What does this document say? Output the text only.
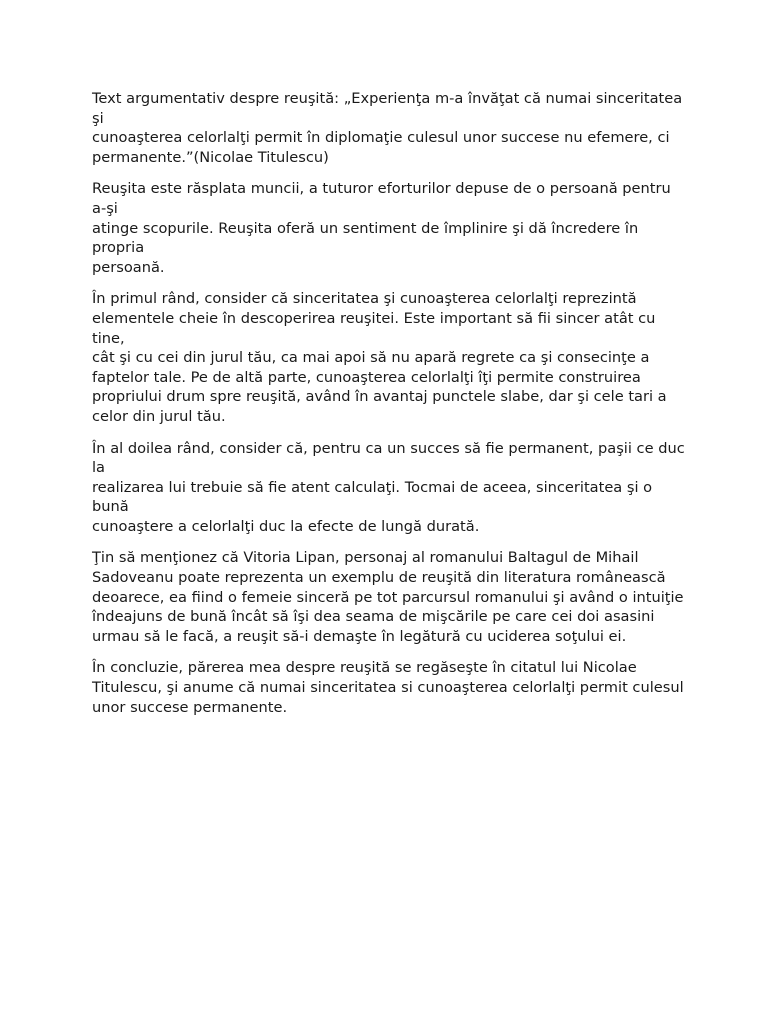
Text argumentativ despre reuşită: „Experienţa m-a învăţat că numai sinceritatea şi
cunoaşterea celorlalţi permit în diplomaţie culesul unor succese nu efemere, ci
permanente.”(Nicolae Titulescu)

Reuşita este răsplata muncii, a tuturor eforturilor depuse de o persoană pentru a-şi
atinge scopurile. Reuşita oferă un sentiment de împlinire şi dă încredere în propria
persoană.

În primul rând, consider că sinceritatea şi cunoaşterea celorlalţi reprezintă
elementele cheie în descoperirea reuşitei. Este important să fii sincer atât cu tine,
cât şi cu cei din jurul tău, ca mai apoi să nu apară regrete ca şi consecinţe a
faptelor tale. Pe de altă parte, cunoaşterea celorlalţi îţi permite construirea
propriului drum spre reuşită, având în avantaj punctele slabe, dar şi cele tari a
celor din jurul tău.

În al doilea rând, consider că, pentru ca un succes să fie permanent, paşii ce duc la
realizarea lui trebuie să fie atent calculaţi. Tocmai de aceea, sinceritatea şi o bună
cunoaştere a celorlalţi duc la efecte de lungă durată.

Ţin să menţionez că Vitoria Lipan, personaj al romanului Baltagul de Mihail
Sadoveanu poate reprezenta un exemplu de reuşită din literatura românească
deoarece, ea fiind o femeie sinceră pe tot parcursul romanului şi având o intuiţie
îndeajuns de bună încât să îşi dea seama de mişcările pe care cei doi asasini
urmau să le facă, a reuşit să-i demaşte în legătură cu uciderea soţului ei.

În concluzie, părerea mea despre reuşită se regăseşte în citatul lui Nicolae
Titulescu, şi anume că numai sinceritatea si cunoaşterea celorlalţi permit culesul
unor succese permanente.
